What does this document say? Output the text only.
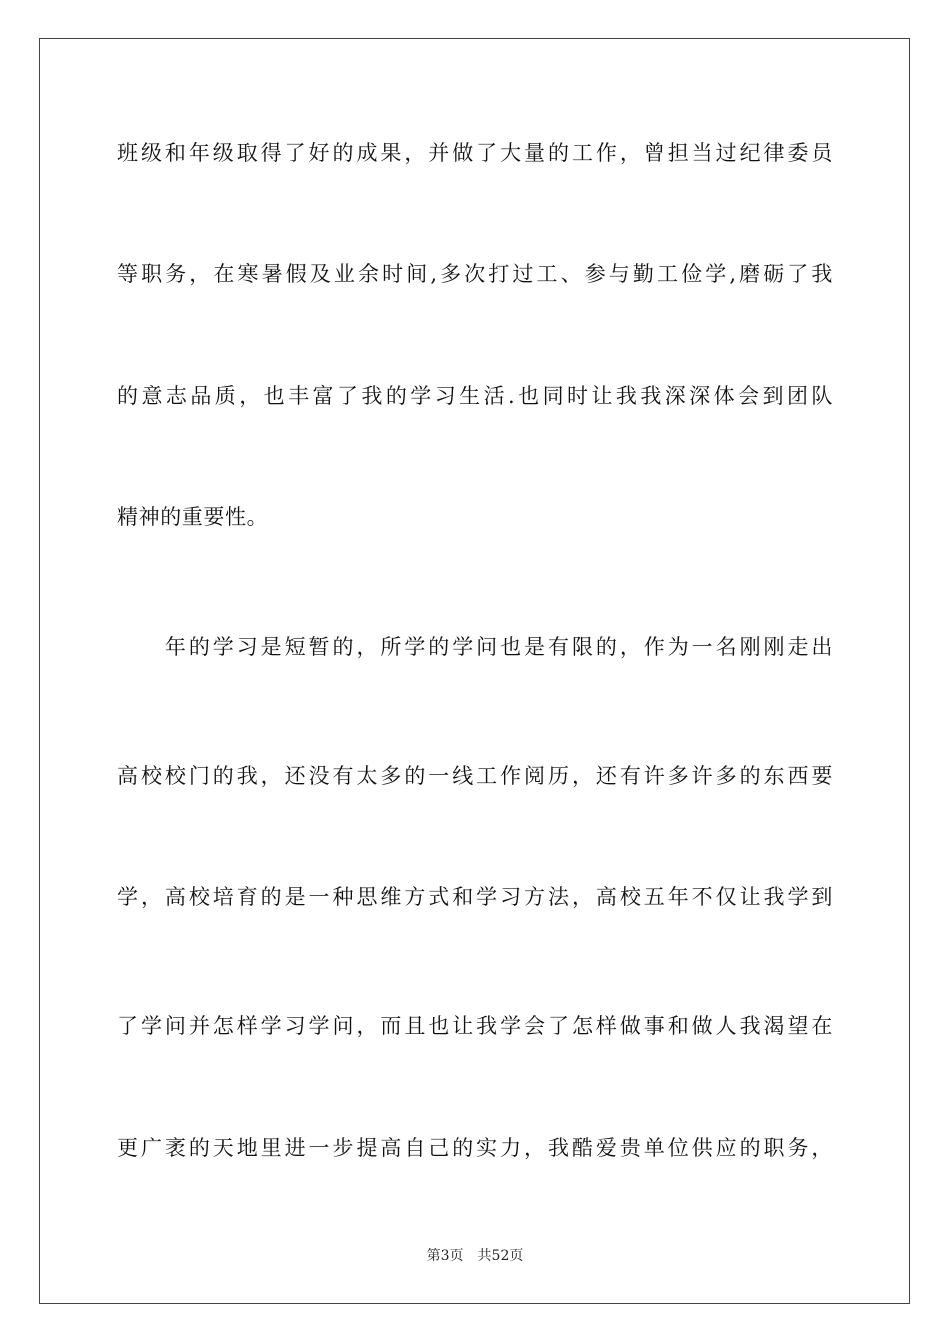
班级和年级取得了好的成果，并做了大量的工作，曾担当过纪律委员
等职务，在寒暑假及业余时间,多次打过工、参与勤工俭学,磨砺了我
的意志品质，也丰富了我的学习生活.也同时让我我深深体会到团队
精神的重要性。
　　年的学习是短暂的，所学的学问也是有限的，作为一名刚刚走出
高校校门的我，还没有太多的一线工作阅历，还有许多许多的东西要
学，高校培育的是一种思维方式和学习方法，高校五年不仅让我学到
了学问并怎样学习学问，而且也让我学会了怎样做事和做人我渴望在
更广袤的天地里进一步提高自己的实力，我酷爱贵单位供应的职务，
第3页　共52页
